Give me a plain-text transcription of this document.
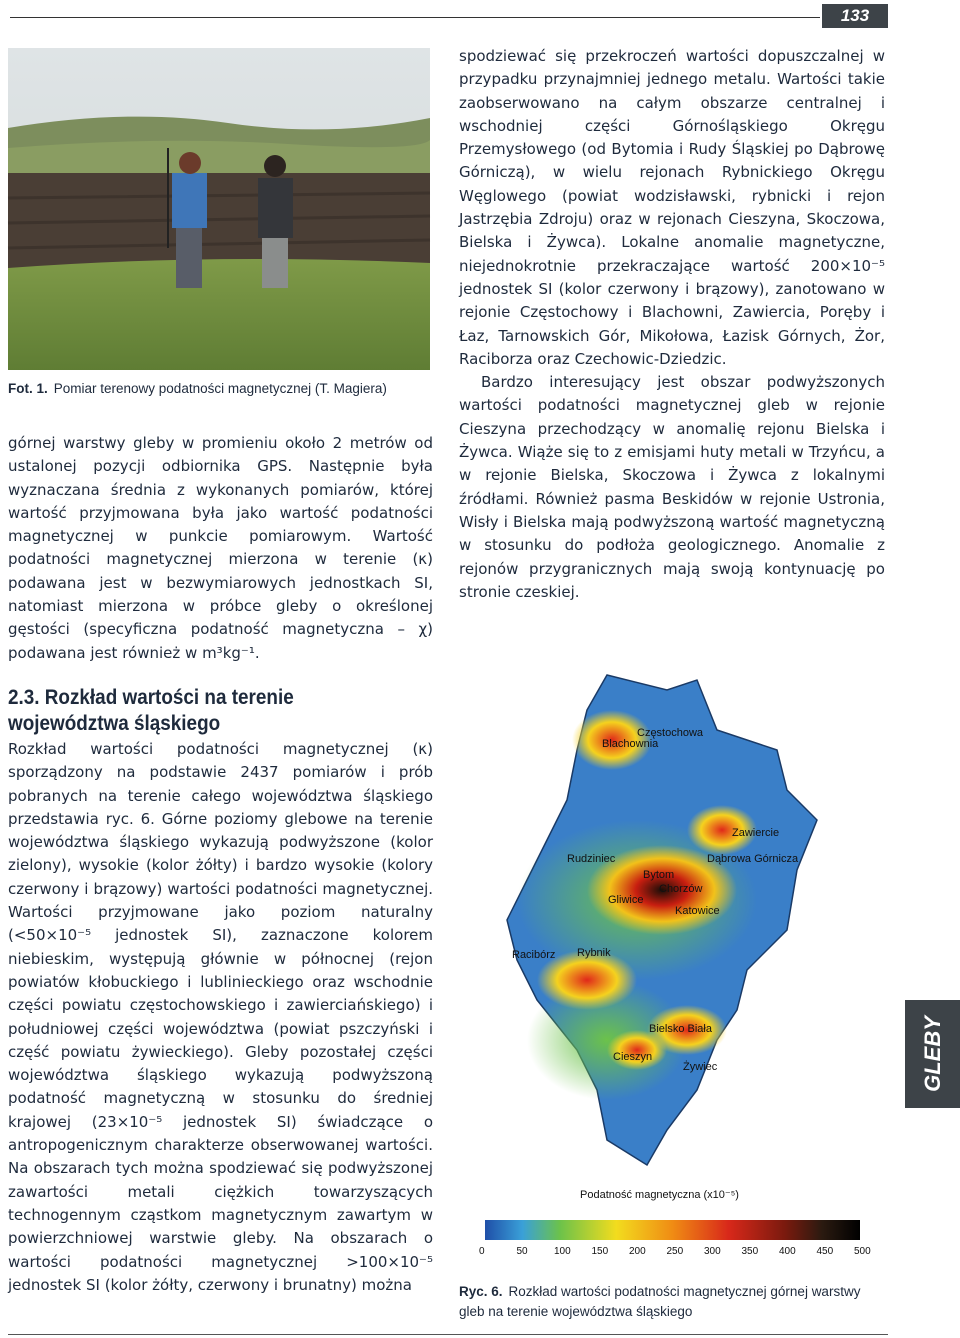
133
Fot. 1. Pomiar terenowy podatności magnetycznej (T. Magiera)

górnej warstwy gleby w promieniu około 2 metrów od ustalonej pozycji odbiornika GPS. Następnie była wyznaczana średnia z wykonanych pomiarów, której wartość przyjmowana była jako wartość podatności magnetycznej w punkcie pomiarowym. Wartość podatności magnetycznej mierzona w terenie (κ) podawana jest w bezwymiarowych jednostkach SI, natomiast mierzona w próbce gleby o określonej gęstości (specyficzna podatność magnetyczna – χ) podawana jest również w m³kg⁻¹.

2.3. Rozkład wartości na terenie województwa śląskiego

Rozkład wartości podatności magnetycznej (κ) sporządzony na podstawie 2437 pomiarów i prób pobranych na terenie całego województwa śląskiego przedstawia ryc. 6. Górne poziomy glebowe na terenie województwa śląskiego wykazują podwyższone (kolor zielony), wysokie (kolor żółty) i bardzo wysokie (kolory czerwony i brązowy) wartości podatności magnetycznej. Wartości przyjmowane jako poziom naturalny (<50×10⁻⁵ jednostek SI), zaznaczone kolorem niebieskim, występują głównie w północnej (rejon powiatów kłobuckiego i lublinieckiego oraz wschodnie części powiatu częstochowskiego i zawierciańskiego) i południowej części województwa (powiat pszczyński i część powiatu żywieckiego). Gleby pozostałej części województwa śląskiego wykazują podwyższoną podatność magnetyczną w stosunku do średniej krajowej (23×10⁻⁵ jednostek SI) świadczące o antropogenicznym charakterze obserwowanej wartości. Na obszarach tych można spodziewać się podwyższonej zawartości metali ciężkich towarzyszących technogennym cząstkom magnetycznym zawartym w powierzchniowej warstwie gleby. Na obszarach o wartości podatności magnetycznej >100×10⁻⁵ jednostek SI (kolor żółty, czerwony i brunatny) można

spodziewać się przekroczeń wartości dopuszczalnej w przypadku przynajmniej jednego metalu. Wartości takie zaobserwowano na całym obszarze centralnej i wschodniej części Górnośląskiego Okręgu Przemysłowego (od Bytomia i Rudy Śląskiej po Dąbrowę Górniczą), w wielu rejonach Rybnickiego Okręgu Węglowego (powiat wodzisławski, rybnicki i rejon Jastrzębia Zdroju) oraz w rejonach Cieszyna, Skoczowa, Bielska i Żywca). Lokalne anomalie magnetyczne, niejednokrotnie przekraczające wartość 200×10⁻⁵ jednostek SI (kolor czerwony i brązowy), zanotowano w rejonie Częstochowy i Blachowni, Zawiercia, Poręby i Łaz, Tarnowskich Gór, Mikołowa, Łazisk Górnych, Żor, Raciborza oraz Czechowic-Dziedzic.

Bardzo interesujący jest obszar podwyższonych wartości podatności magnetycznej gleb w rejonie Cieszyna przechodzący w anomalię rejonu Bielska i Żywca. Wiąże się to z emisjami huty metali w Trzyńcu, a w rejonie Bielska, Skoczowa i Żywca z lokalnymi źródłami. Również pasma Beskidów w rejonie Ustronia, Wisły i Bielska mają podwyższoną wartość magnetyczną w stosunku do podłoża geologicznego. Anomalie z rejonów przygranicznych mają swoją kontynuację po stronie czeskiej.

Częstochowa
Blachownia
Zawiercie
Rudziniec	Dąbrowa Górnicza
Bytom
Chorzów
Gliwice
Katowice
Racibórz Rybnik
Bielsko Biała
Cieszyn
Żywiec
Podatność magnetyczna (x10⁻⁵)
0	50	100 150 200 250 300 350 400 450 500
Ryc. 6. Rozkład wartości podatności magnetycznej górnej warstwy gleb na terenie województwa śląskiego
GLEBY
